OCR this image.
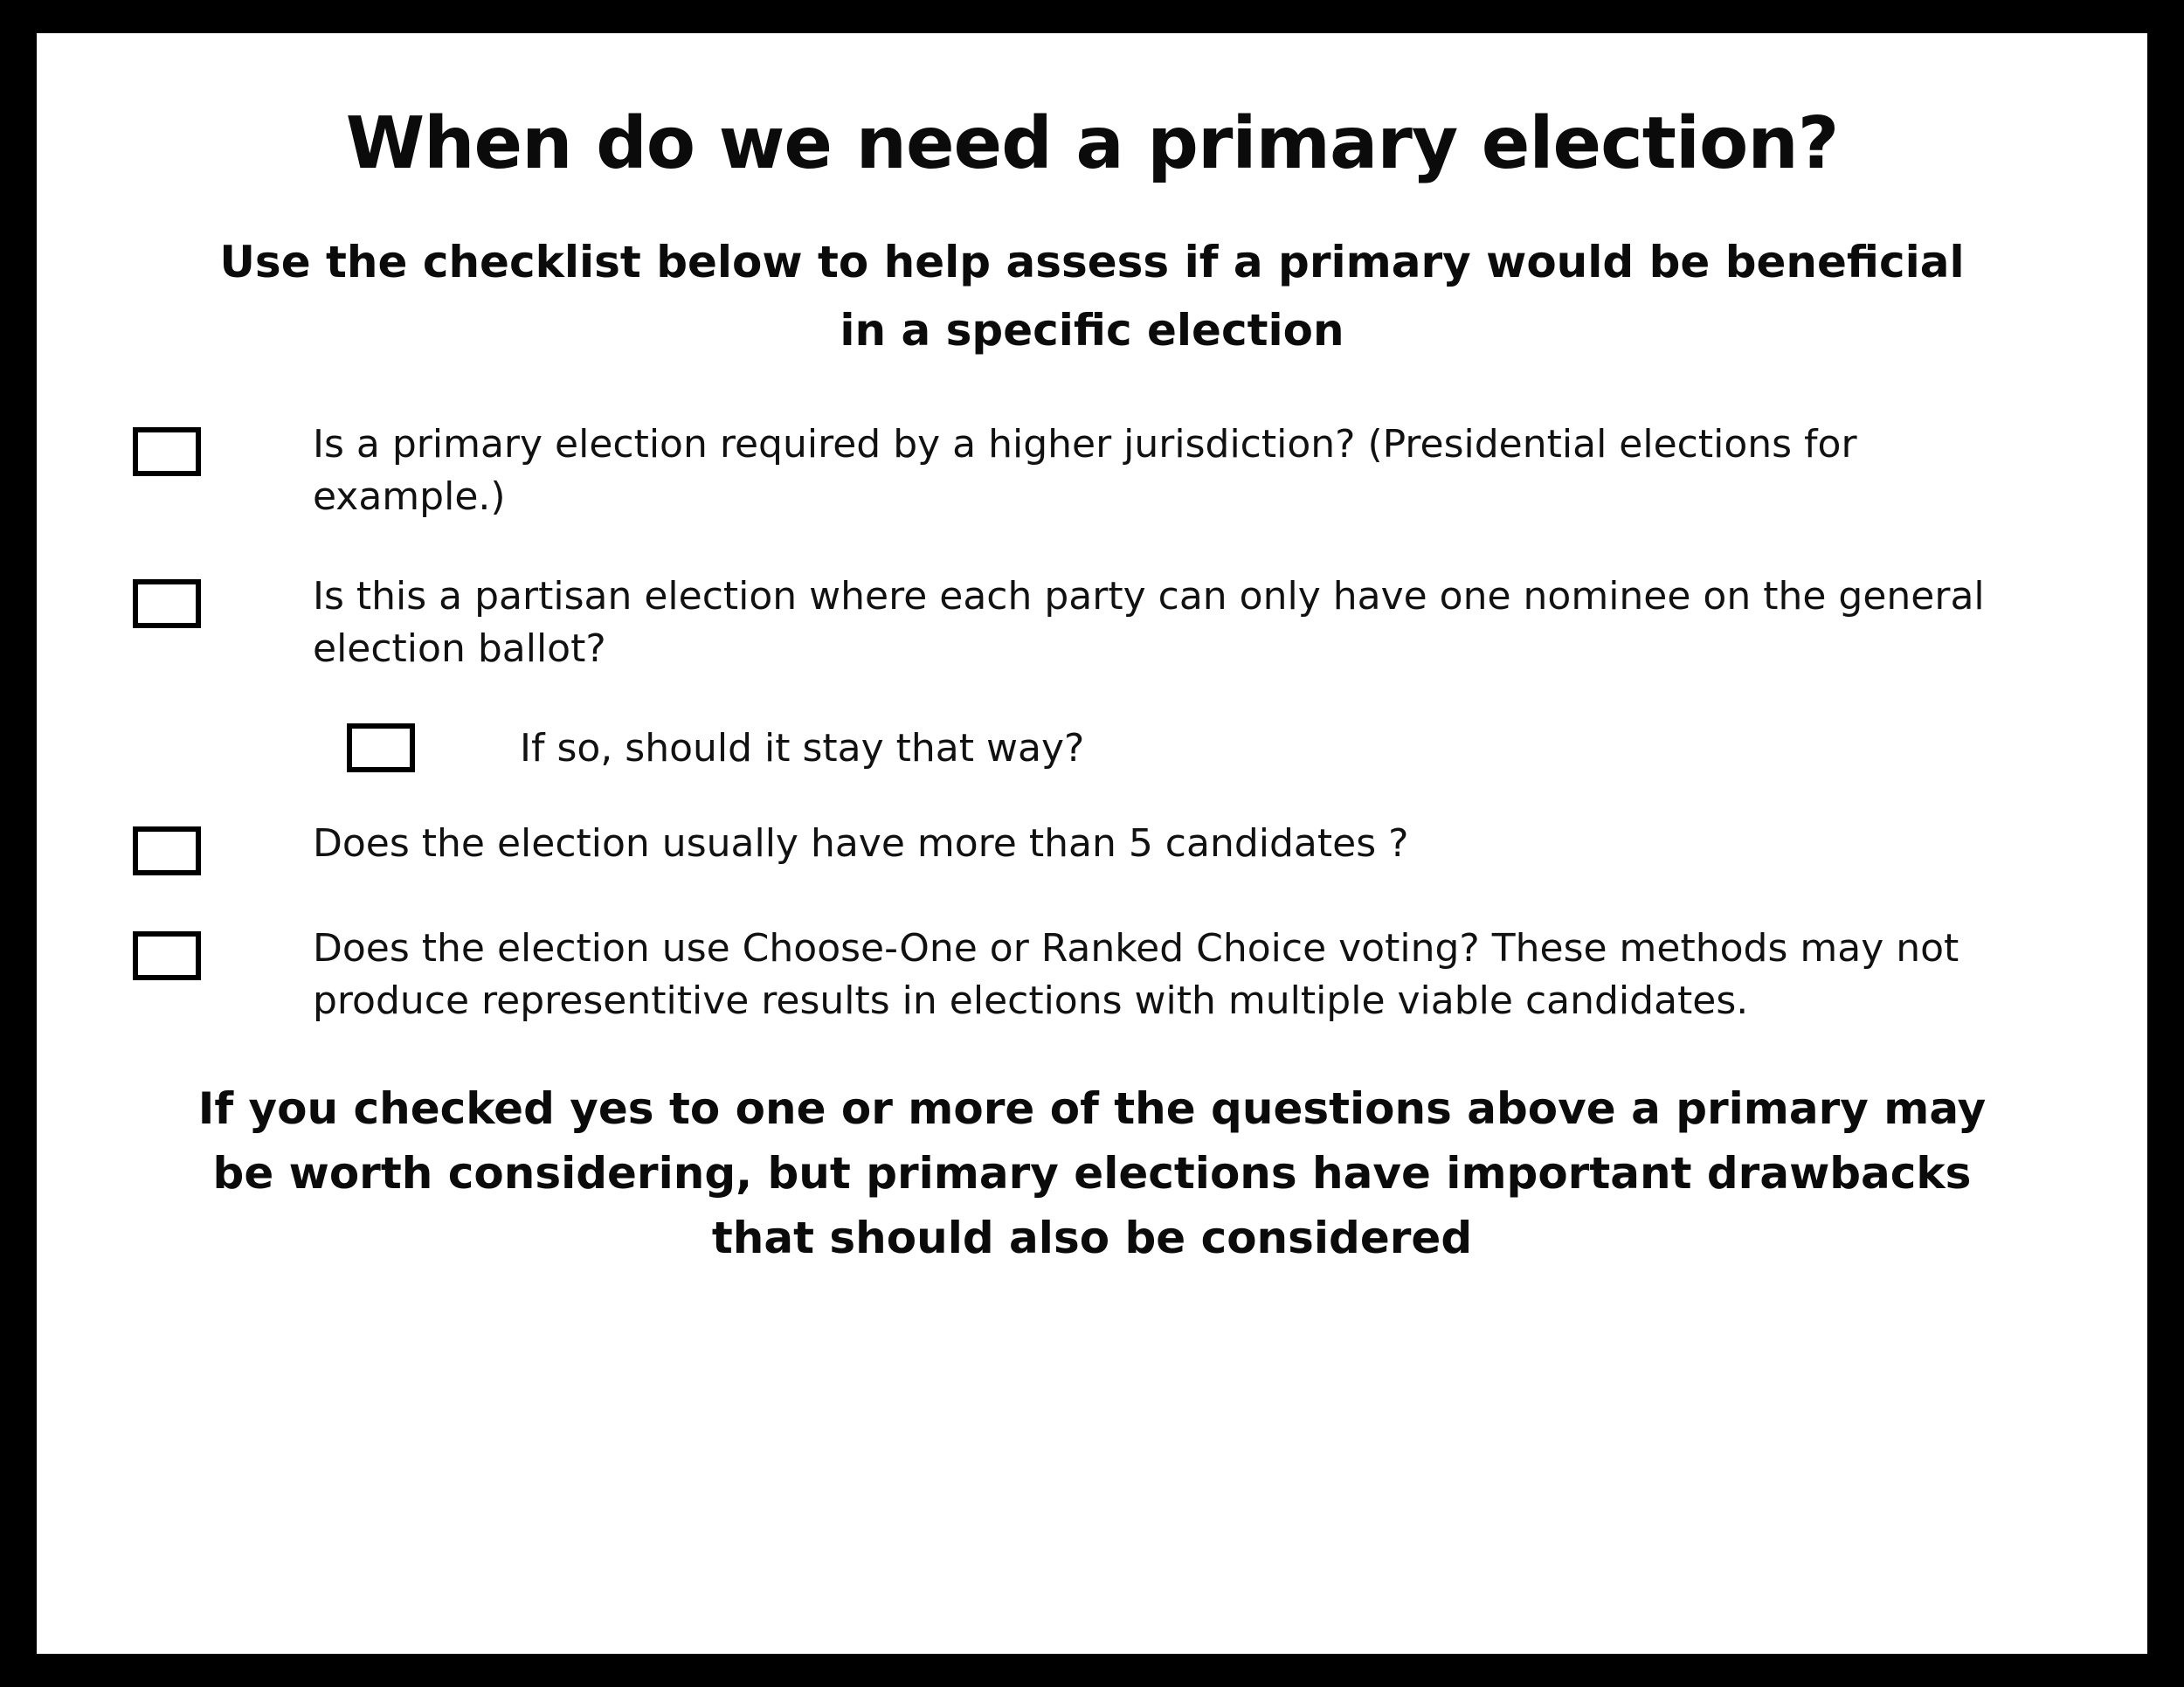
When do we need a primary election?
Use the checklist below to help assess if a primary would be beneficial in a specific election
Is a primary election required by a higher jurisdiction? (Presidential elections for example.)
Is this a partisan election where each party can only have one nominee on the general election ballot?
If so, should it stay that way?
Does the election usually have more than 5 candidates ?
Does the election use Choose-One or Ranked Choice voting? These methods may not produce representitive results in elections with multiple viable candidates.
If you checked yes to one or more of the questions above a primary may be worth considering, but primary elections have important drawbacks that should also be considered
